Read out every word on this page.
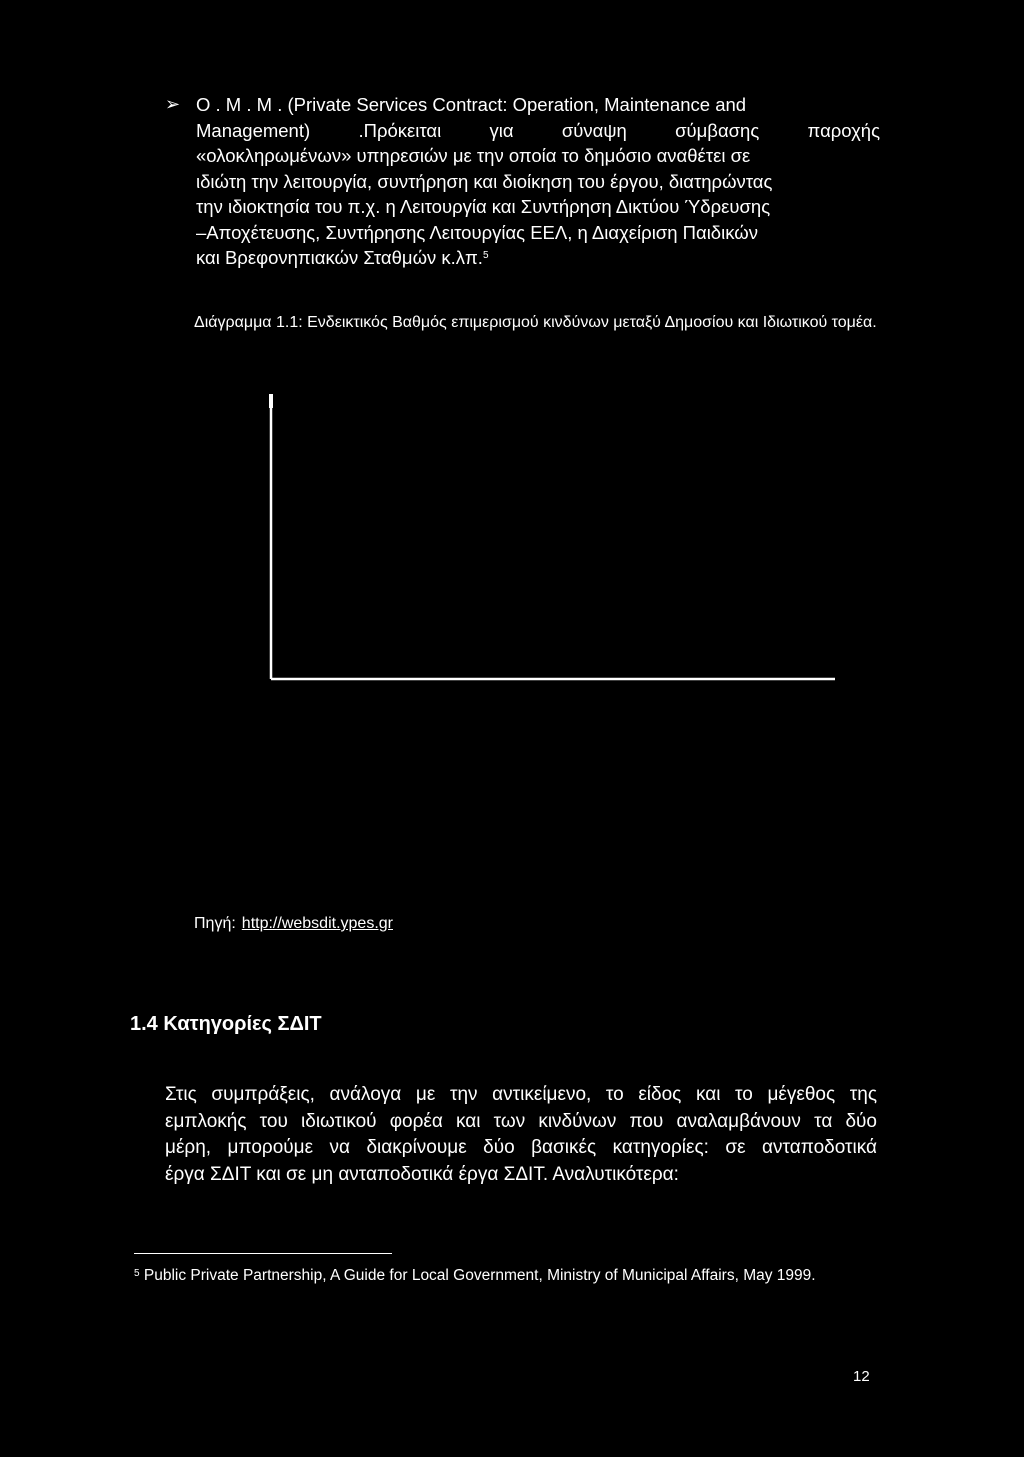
➢ Ο . Μ . Μ . (Private Services Contract: Operation, Maintenance and
Management) .Πρόκειται για σύναψη σύμβασης παροχής
«ολοκληρωμένων» υπηρεσιών με την οποία το δημόσιο αναθέτει σε
ιδιώτη την λειτουργία, συντήρηση και διοίκηση του έργου, διατηρώντας
την ιδιοκτησία του π.χ. η Λειτουργία και Συντήρηση Δικτύου Ύδρευσης
–Αποχέτευσης, Συντήρησης Λειτουργίας ΕΕΛ, η Διαχείριση Παιδικών
και Βρεφονηπιακών Σταθμών κ.λπ.$^5$
Διάγραμμα 1.1: Ενδεικτικός Βαθμός επιμερισμού κινδύνων μεταξύ Δημοσίου και Ιδιωτικού τομέα.
Πηγή: http://websdit.ypes.gr
1.4 Κατηγορίες ΣΔΙΤ
Στις συμπράξεις, ανάλογα με την αντικείμενο, το είδος και το μέγεθος της
εμπλοκής του ιδιωτικού φορέα και των κινδύνων που αναλαμβάνουν τα δύο
μέρη, μπορούμε να διακρίνουμε δύο βασικές κατηγορίες: σε ανταποδοτικά
έργα ΣΔΙΤ και σε μη ανταποδοτικά έργα ΣΔΙΤ. Αναλυτικότερα:
$^5$ Public Private Partnership, A Guide for Local Government, Ministry of Municipal Affairs, May 1999.
12
